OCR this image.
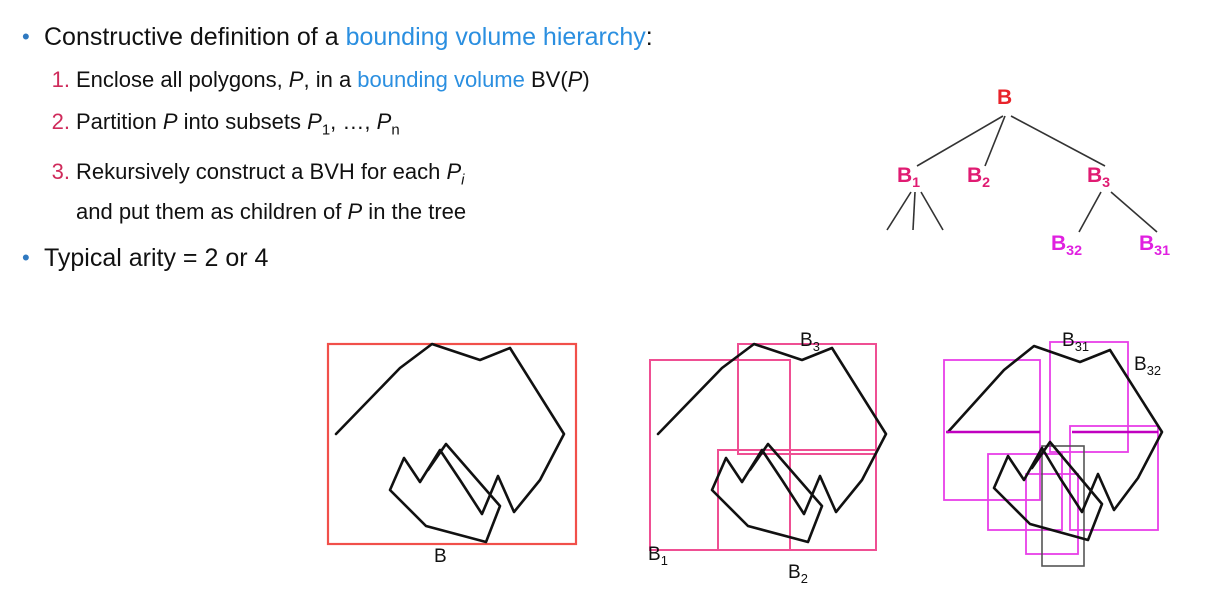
• Constructive definition of a bounding volume hierarchy:
1. Enclose all polygons, P, in a bounding volume BV(P)
2. Partition P into subsets $P_1$, …, $P_n$
3. Rekursively construct a BVH for each $P_i$
and put them as children of P in the tree
• Typical arity = 2 or 4
B
$B_1$ $B_2$	$B_3$
$B_{32}$	$B_{31}$
B
$B_3$
$B_1$
$B_2$
$B_{31}$
$B_{32}$
